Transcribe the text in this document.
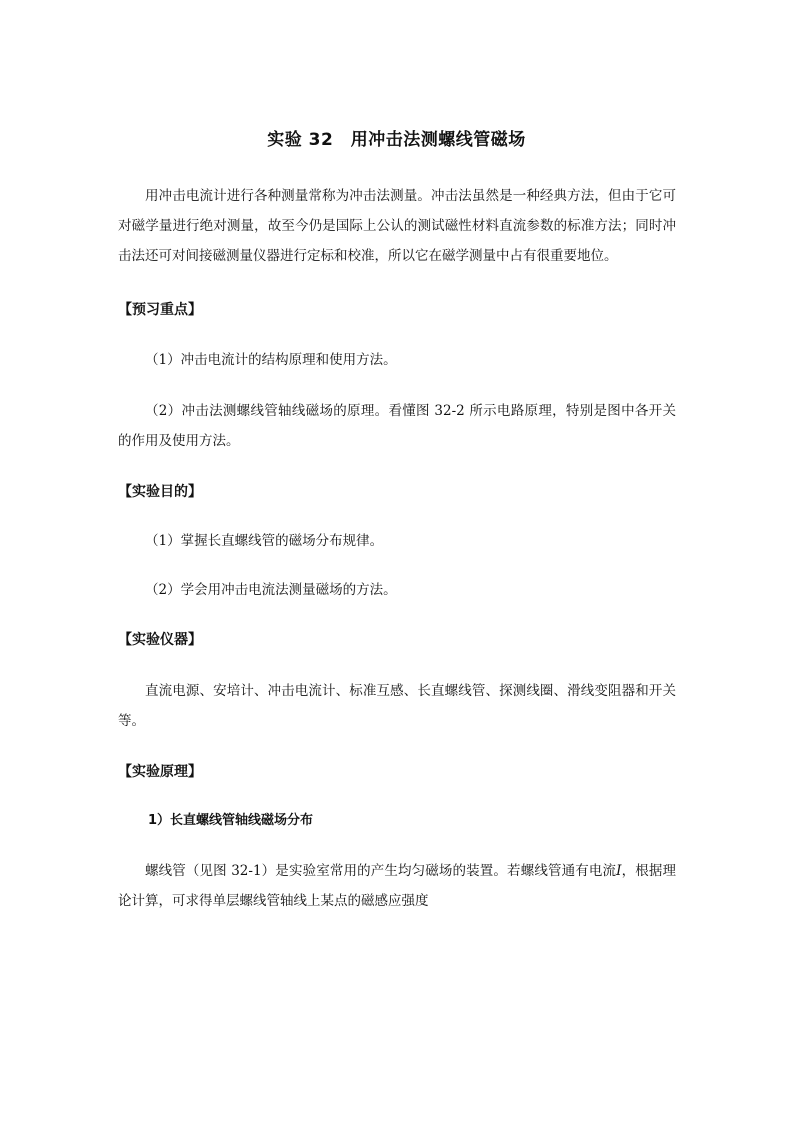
实验 32　用冲击法测螺线管磁场

用冲击电流计进行各种测量常称为冲击法测量。冲击法虽然是一种经典方法，但由于它可对磁学量进行绝对测量，故至今仍是国际上公认的测试磁性材料直流参数的标准方法；同时冲击法还可对间接磁测量仪器进行定标和校准，所以它在磁学测量中占有很重要地位。

【预习重点】

（1）冲击电流计的结构原理和使用方法。

（2）冲击法测螺线管轴线磁场的原理。看懂图 32-2 所示电路原理，特别是图中各开关的作用及使用方法。

【实验目的】

（1）掌握长直螺线管的磁场分布规律。

（2）学会用冲击电流法测量磁场的方法。

【实验仪器】

直流电源、安培计、冲击电流计、标准互感、长直螺线管、探测线圈、滑线变阻器和开关等。

【实验原理】
1）长直螺线管轴线磁场分布

螺线管（见图 32-1）是实验室常用的产生均匀磁场的装置。若螺线管通有电流I，根据理论计算，可求得单层螺线管轴线上某点的磁感应强度
